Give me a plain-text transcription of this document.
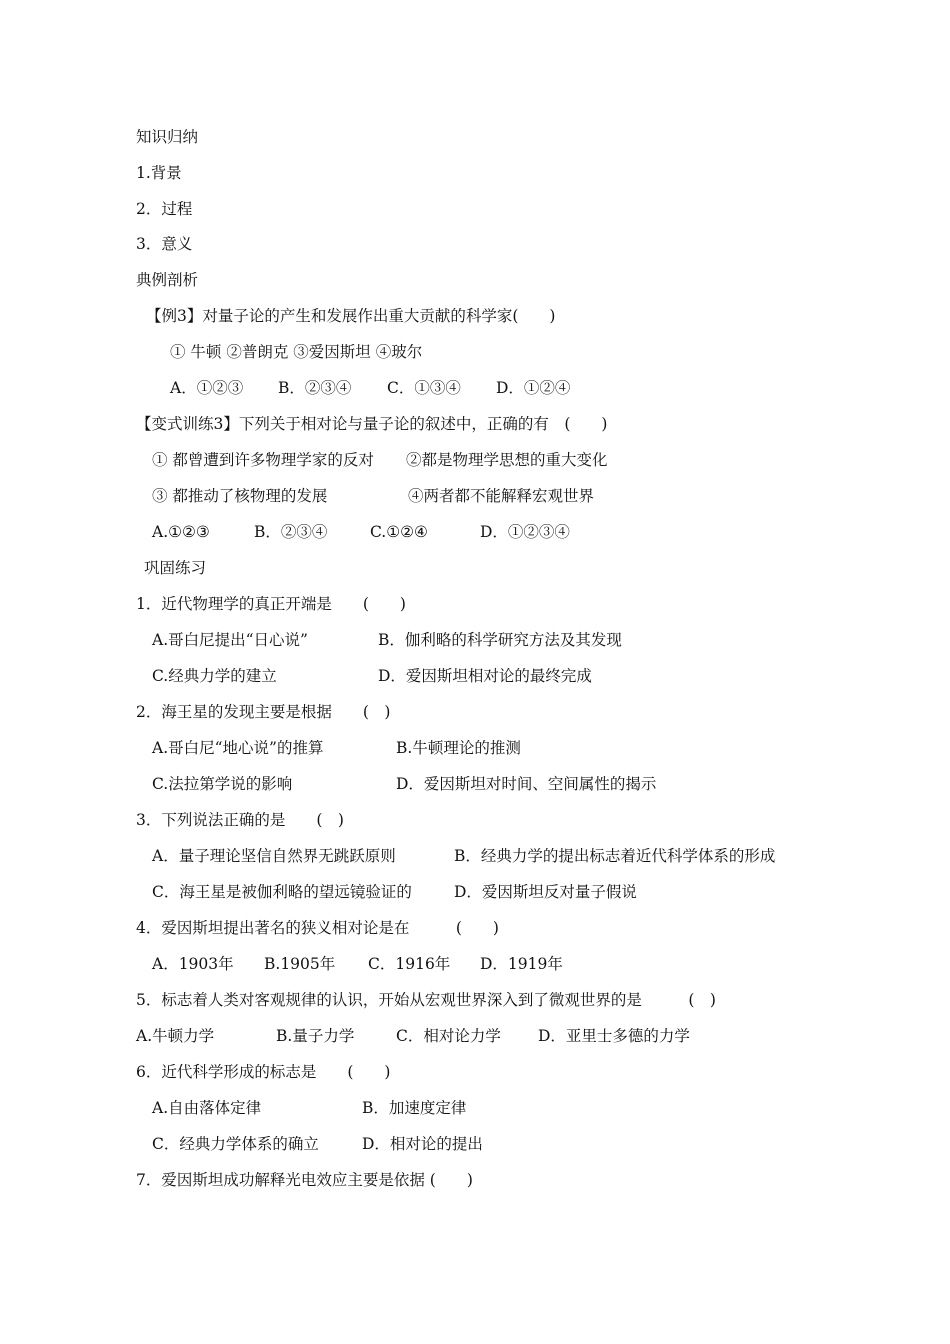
知识归纳
1.背景
2．过程
3．意义
典例剖析
【例3】对量子论的产生和发展作出重大贡献的科学家(　　)
① 牛顿 ②普朗克 ③爱因斯坦 ④玻尔
A．①②③ B．②③④ C．①③④ D．①②④
【变式训练3】下列关于相对论与量子论的叙述中，正确的有　(　　)
① 都曾遭到许多物理学家的反对 ②都是物理学思想的重大变化
③ 都推动了核物理的发展	④两者都不能解释宏观世界
A.①②③	B．②③④	C.①②④	D．①②③④
巩固练习
1．近代物理学的真正开端是　　(　　)
A.哥白尼提出“日心说”	B．伽利略的科学研究方法及其发现
C.经典力学的建立	D．爱因斯坦相对论的最终完成
2．海王星的发现主要是根据　　(　)
A.哥白尼“地心说”的推算	B.牛顿理论的推测
C.法拉第学说的影响	D．爱因斯坦对时间、空间属性的揭示
3．下列说法正确的是　　(　)
A．量子理论坚信自然界无跳跃原则	B．经典力学的提出标志着近代科学体系的形成
C．海王星是被伽利略的望远镜验证的	D．爱因斯坦反对量子假说
4．爱因斯坦提出著名的狭义相对论是在　　　(　　)
A．1903年 B.1905年 C．1916年 D．1919年
5．标志着人类对客观规律的认识，开始从宏观世界深入到了微观世界的是　　　(　)
A.牛顿力学	B.量子力学	C．相对论力学 D．亚里士多德的力学
6．近代科学形成的标志是　　(　　)
A.自由落体定律	B．加速度定律
C．经典力学体系的确立	D．相对论的提出
7．爱因斯坦成功解释光电效应主要是依据 (　　)
